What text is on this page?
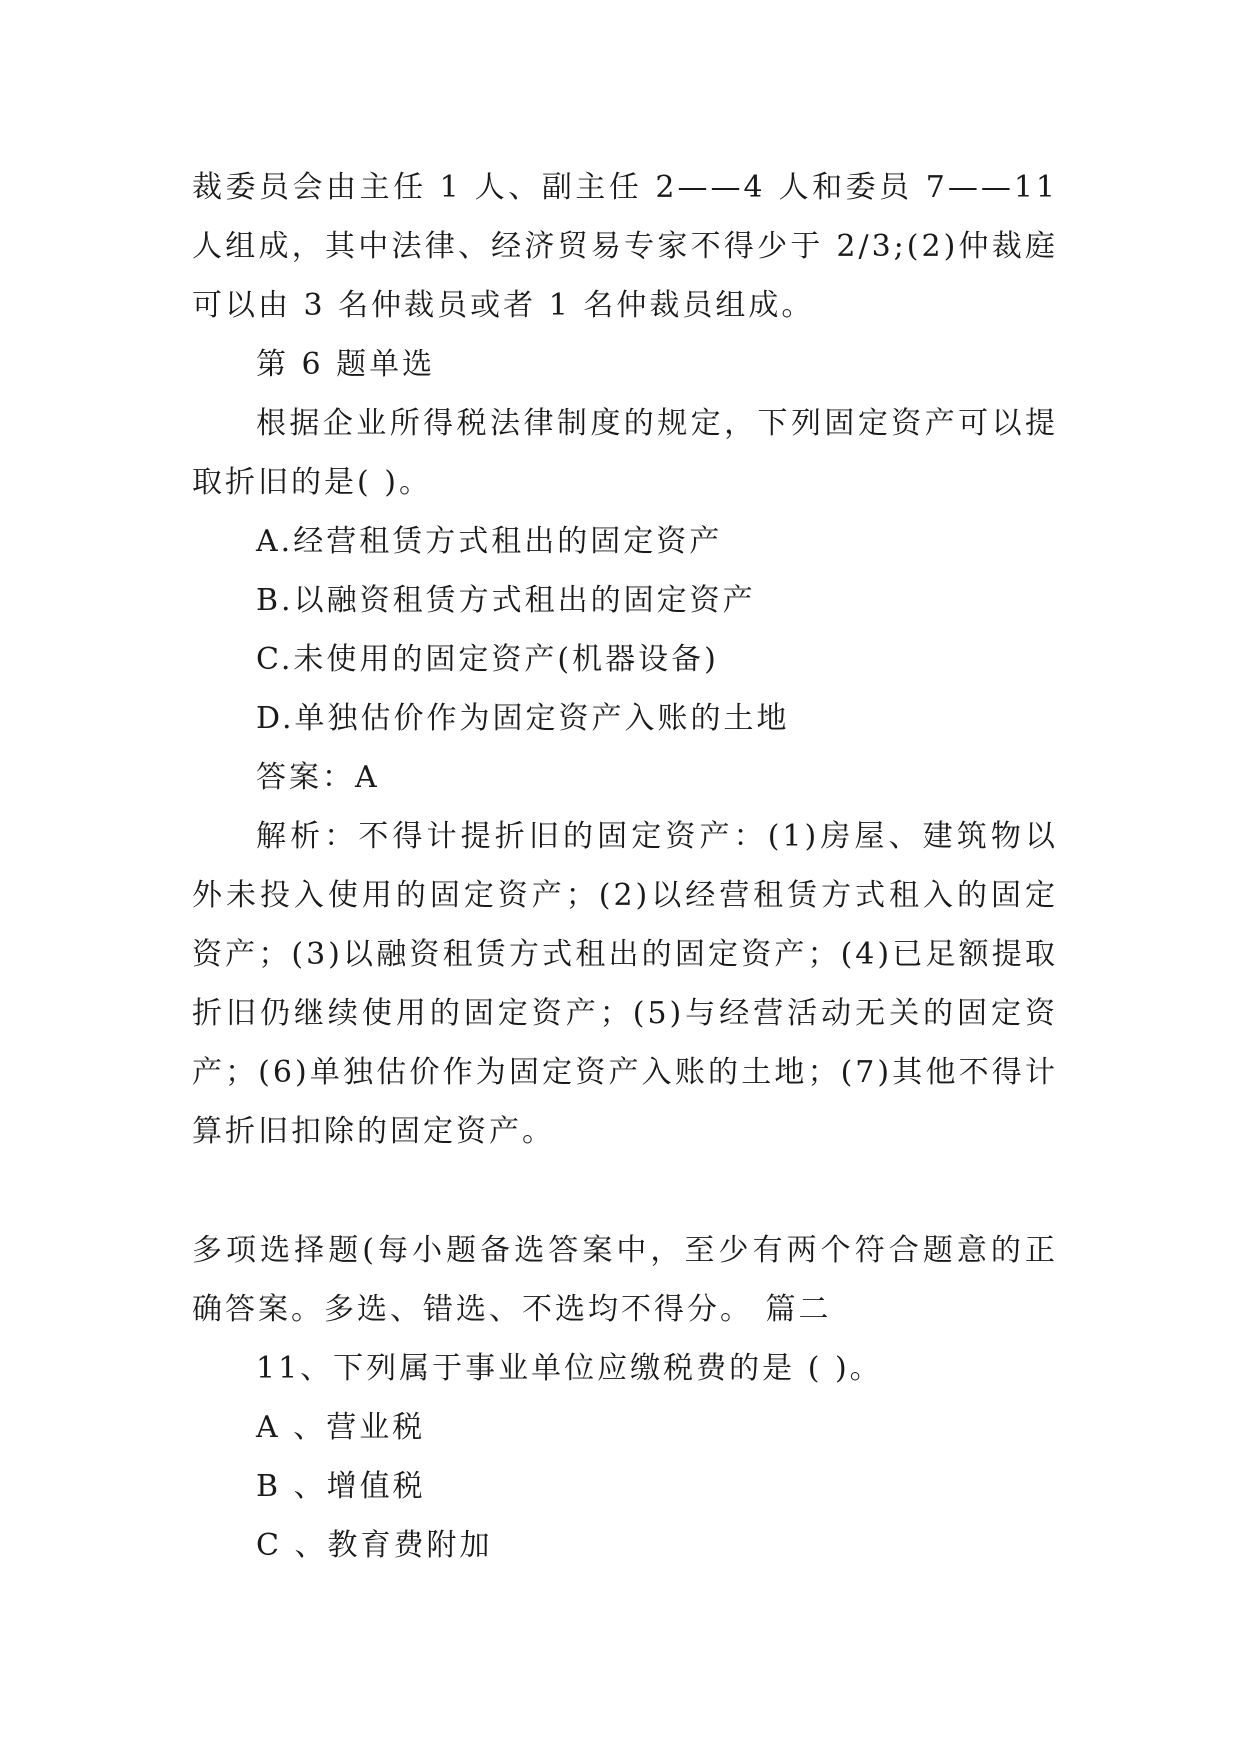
裁委员会由主任 1 人、副主任 2——4 人和委员 7——11 人组成，其中法律、经济贸易专家不得少于 2/3;(2)仲裁庭可以由 3 名仲裁员或者 1 名仲裁员组成。

第 6 题单选

根据企业所得税法律制度的规定，下列固定资产可以提取折旧的是( )。

A.经营租赁方式租出的固定资产

B.以融资租赁方式租出的固定资产

C.未使用的固定资产(机器设备)

D.单独估价作为固定资产入账的土地

答案：A

解析：不得计提折旧的固定资产：(1)房屋、建筑物以外未投入使用的固定资产；(2)以经营租赁方式租入的固定资产；(3)以融资租赁方式租出的固定资产；(4)已足额提取折旧仍继续使用的固定资产；(5)与经营活动无关的固定资产；(6)单独估价作为固定资产入账的土地；(7)其他不得计算折旧扣除的固定资产。

多项选择题(每小题备选答案中，至少有两个符合题意的正确答案。多选、错选、不选均不得分。 篇二

11、下列属于事业单位应缴税费的是 ( )。

A 、营业税

B 、增值税

C 、教育费附加
